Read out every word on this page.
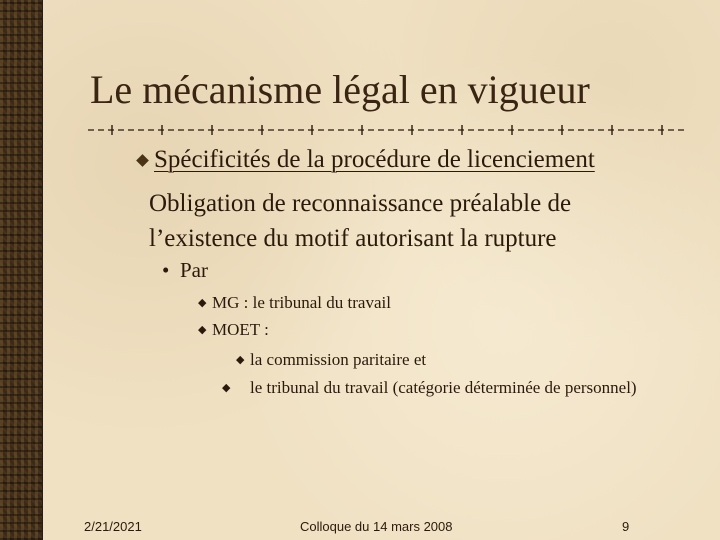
Le mécanisme légal en vigueur
Spécificités de la procédure de licenciement

Obligation de reconnaissance préalable de l’existence du motif autorisant la rupture

• Par
◆ MG : le tribunal du travail
◆ MOET :
◆ la commission paritaire et
◆ le tribunal du travail (catégorie déterminée de personnel)
2/21/2021	Colloque du 14 mars 2008	9
